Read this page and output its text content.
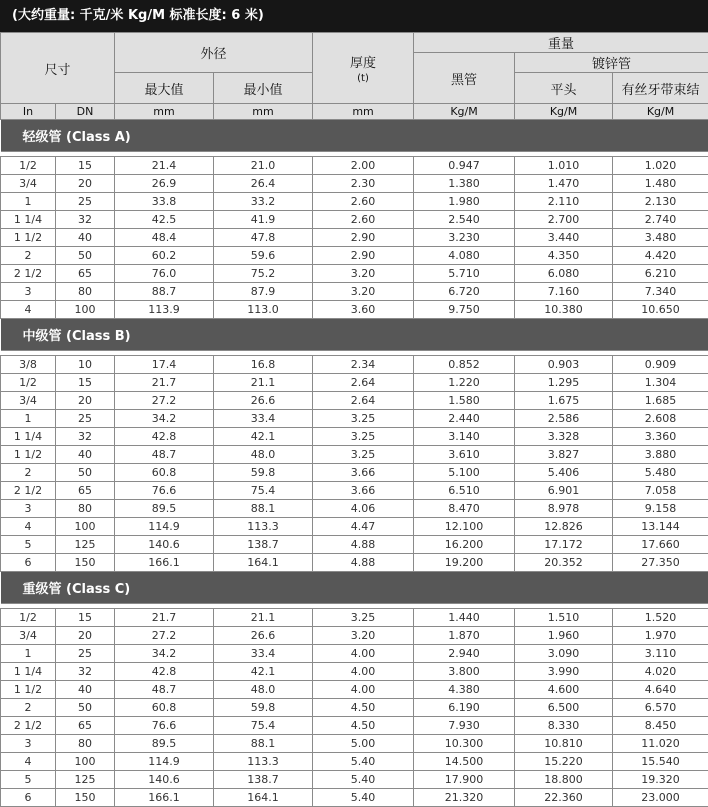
(大约重量: 千克/米 Kg/M 标准长度: 6 米)
尺寸		外径		厚度
(t)	重量		
					黑管	镀锌管	
		最大值	最小值			平头	有丝牙带束结
In	DN	mm	mm	mm	Kg/M	Kg/M	Kg/M
轻级管 (Class A)							

1/2	15	21.4	21.0	2.00	0.947	1.010	1.020
3/4	20	26.9	26.4	2.30	1.380	1.470	1.480
1	25	33.8	33.2	2.60	1.980	2.110	2.130
1 1/4	32	42.5	41.9	2.60	2.540	2.700	2.740
1 1/2	40	48.4	47.8	2.90	3.230	3.440	3.480
2	50	60.2	59.6	2.90	4.080	4.350	4.420
2 1/2	65	76.0	75.2	3.20	5.710	6.080	6.210
3	80	88.7	87.9	3.20	6.720	7.160	7.340
4	100	113.9	113.0	3.60	9.750	10.380	10.650
中级管 (Class B)							

3/8	10	17.4	16.8	2.34	0.852	0.903	0.909
1/2	15	21.7	21.1	2.64	1.220	1.295	1.304
3/4	20	27.2	26.6	2.64	1.580	1.675	1.685
1	25	34.2	33.4	3.25	2.440	2.586	2.608
1 1/4	32	42.8	42.1	3.25	3.140	3.328	3.360
1 1/2	40	48.7	48.0	3.25	3.610	3.827	3.880
2	50	60.8	59.8	3.66	5.100	5.406	5.480
2 1/2	65	76.6	75.4	3.66	6.510	6.901	7.058
3	80	89.5	88.1	4.06	8.470	8.978	9.158
4	100	114.9	113.3	4.47	12.100	12.826	13.144
5	125	140.6	138.7	4.88	16.200	17.172	17.660
6	150	166.1	164.1	4.88	19.200	20.352	27.350
重级管 (Class C)							

1/2	15	21.7	21.1	3.25	1.440	1.510	1.520
3/4	20	27.2	26.6	3.20	1.870	1.960	1.970
1	25	34.2	33.4	4.00	2.940	3.090	3.110
1 1/4	32	42.8	42.1	4.00	3.800	3.990	4.020
1 1/2	40	48.7	48.0	4.00	4.380	4.600	4.640
2	50	60.8	59.8	4.50	6.190	6.500	6.570
2 1/2	65	76.6	75.4	4.50	7.930	8.330	8.450
3	80	89.5	88.1	5.00	10.300	10.810	11.020
4	100	114.9	113.3	5.40	14.500	15.220	15.540
5	125	140.6	138.7	5.40	17.900	18.800	19.320
6	150	166.1	164.1	5.40	21.320	22.360	23.000
